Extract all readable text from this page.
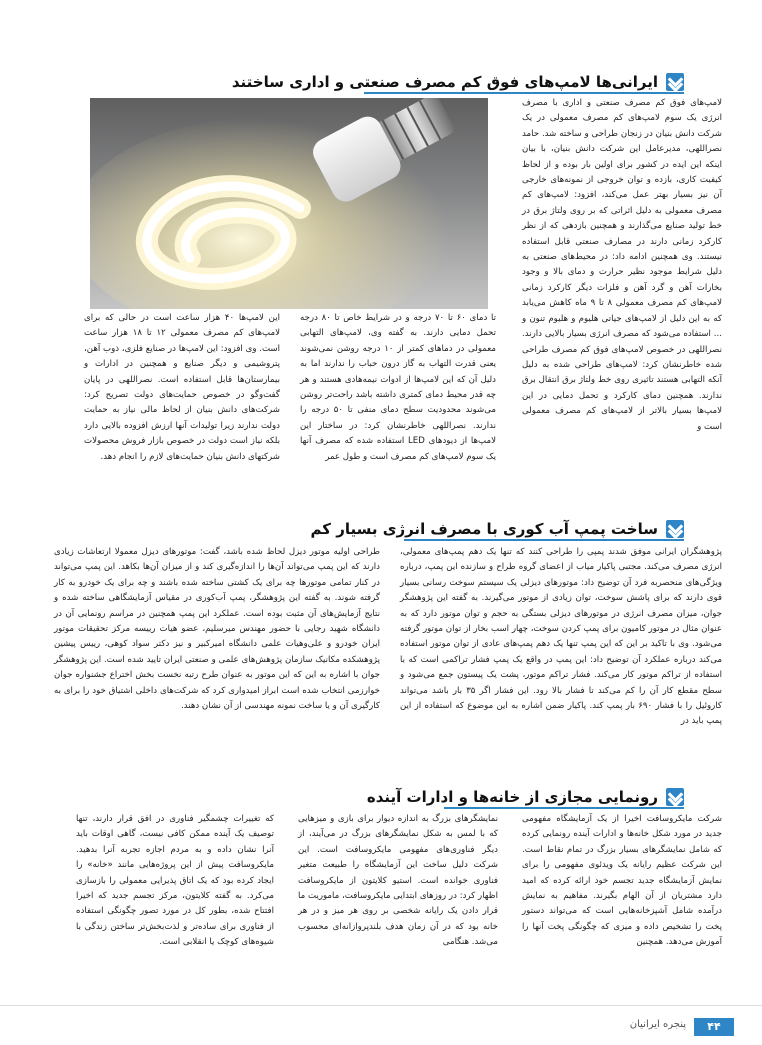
ایرانی‌ها لامپ‌های فوق کم مصرف صنعتی و اداری ساختند

لامپ‌های فوق کم مصرف صنعتی و اداری با مصرف انرژی یک سوم لامپ‌های کم مصرف معمولی در یک شرکت دانش بنیان در زنجان طراحی و ساخته شد. حامد نصراللهی، مدیرعامل این شرکت دانش بنیان، با بیان اینکه این ایده در کشور برای اولین بار بوده و از لحاظ کیفیت کاری، بازده و توان خروجی از نمونه‌های خارجی آن نیز بسیار بهتر عمل می‌کند، افزود: لامپ‌های کم مصرف معمولی به دلیل اثراتی که بر روی ولتاژ برق در خط تولید صنایع می‌گذارند و همچنین بازدهی که از نظر کارکرد زمانی دارند در مصارف صنعتی قابل استفاده نیستند. وی همچنین ادامه داد: در محیط‌های صنعتی به دلیل شرایط موجود نظیر حرارت و دمای بالا و وجود بخارات آهن و گرد آهن و فلزات دیگر کارکرد زمانی لامپ‌های کم مصرف معمولی ۸ تا ۹ ماه کاهش می‌یابد که به این دلیل از لامپ‌های جیاتی هلیوم و هلیوم تنون و ... استفاده می‌شود که مصرف انرژی بسیار بالایی دارند. نصراللهی در خصوص لامپ‌های فوق کم مصرف طراحی شده خاطرنشان کرد: لامپ‌های طراحی شده به دلیل آنکه التهابی هستند تاثیری روی خط ولتاژ برق انتقال برق ندارند. همچنین دمای کارکرد و تحمل دمایی در این لامپ‌ها بسیار بالاتر از لامپ‌های کم مصرف معمولی است و

تا دمای ۶۰ تا ۷۰ درجه و در شرایط خاص تا ۸۰ درجه تحمل دمایی دارند. به گفته وی، لامپ‌های التهابی معمولی در دماهای کمتر از ۱۰ درجه روشن نمی‌شوند یعنی قدرت التهاب به گاز درون حباب را ندارند اما به دلیل آن که این لامپ‌ها از ادوات نیمه‌هادی هستند و هر چه قدر محیط دمای کمتری داشته باشد راحت‌تر روشن می‌شوند محدودیت سطح دمای منفی تا ۵۰ درجه را ندارند. نصراللهی خاطرنشان کرد: در ساختار این لامپ‌ها از دیودهای LED استفاده شده که مصرف آنها یک سوم لامپ‌های کم مصرف است و طول عمر

این لامپ‌ها ۴۰ هزار ساعت است در حالی که برای لامپ‌های کم مصرف معمولی ۱۲ تا ۱۸ هزار ساعت است. وی افزود: این لامپ‌ها در صنایع فلزی، ذوب آهن، پتروشیمی و دیگر صنایع و همچنین در ادارات و بیمارستان‌ها قابل استفاده است. نصراللهی در پایان گفت‌وگو در خصوص حمایت‌های دولت تصریح کرد: شرکت‌های دانش بنیان از لحاظ مالی نیاز به حمایت دولت ندارند زیرا تولیدات آنها ارزش افزوده بالایی دارد بلکه نیاز است دولت در خصوص بازار فروش محصولات شرکتهای دانش بنیان حمایت‌های لازم را انجام دهد.

ساخت پمپ آب کوری با مصرف انرژی بسیار کم

پژوهشگران ایرانی موفق شدند پمپی را طراحی کنند که تنها یک دهم پمپ‌های معمولی، انرژی مصرف می‌کند. مجتبی پاکیار میاب از اعضای گروه طراح و سازنده این پمپ، درباره ویژگی‌های منحصربه فرد آن توضیح داد: موتورهای دیزلی یک سیستم سوخت رسانی بسیار قوی دارند که برای پاشش سوخت، توان زیادی از موتور می‌گیرند. به گفته این پژوهشگر جوان، میزان مصرف انرژی در موتورهای دیزلی بستگی به حجم و توان موتور دارد که به عنوان مثال در موتور کامیون برای پمپ کردن سوخت، چهار اسب بخار از توان موتور گرفته می‌شود. وی با تاکید بر این که این پمپ تنها یک دهم پمپ‌های عادی از توان موتور استفاده می‌کند درباره عملکرد آن توضیح داد: این پمپ در واقع یک پمپ فشار تراکمی است که با استفاده از تراکم موتور کار می‌کند. فشار تراکم موتور، پشت یک پیستون جمع می‌شود و سطح مقطع کار آن را کم می‌کند تا فشار بالا رود. این فشار اگر ۳۵ بار باشد می‌تواند کاروئیل را با فشار ۶۹۰ بار پمپ کند. پاکیار ضمن اشاره به این موضوع که استفاده از این پمپ باید در

طراحی اولیه موتور دیزل لحاظ شده باشد، گفت: موتورهای دیزل معمولا ارتعاشات زیادی دارند که این پمپ می‌تواند آن‌ها را اندازه‌گیری کند و از میزان آن‌ها بکاهد. این پمپ می‌تواند در کنار تمامی موتورها چه برای یک کشتی ساخته شده باشند و چه برای یک خودرو به کار گرفته شوند. به گفته این پژوهشگر، پمپ آب‌کوری در مقیاس آزمایشگاهی ساخته شده و نتایج آزمایش‌های آن مثبت بوده است. عملکرد این پمپ همچنین در مراسم رونمایی آن در دانشگاه شهید رجایی با حضور مهندس میرسلیم، عضو هیات رییسه مرکز تحقیقات موتور ایران خودرو و علی‌وهیات علمی دانشگاه امیرکبیر و نیز دکتر سواد کوهی، رییس پیشین پژوهشکده مکانیک سازمان پژوهش‌های علمی و صنعتی ایران تایید شده است. این پژوهشگر جوان با اشاره به این که این موتور به عنوان طرح رتبه نخست بخش اختراع جشنواره جوان خوارزمی انتخاب شده است ابراز امیدواری کرد که شرکت‌های داخلی اشتیاق خود را برای به کارگیری آن و یا ساخت نمونه مهندسی از آن نشان دهند.

رونمایی مجازی از خانه‌ها و ادارات آینده

شرکت مایکروسافت اخیرا از یک آزمایشگاه مفهومی جدید در مورد شکل خانه‌ها و ادارات آینده رونمایی کرده که شامل نمایشگرهای بسیار بزرگ در تمام نقاط است. این شرکت عظیم رایانه یک ویدئوی مفهومی را برای نمایش آزمایشگاه جدید تجسم خود ارائه کرده که امید دارد مشتریان از آن الهام بگیرند. مفاهیم به نمایش درآمده شامل آشپزخانه‌هایی است که می‌تواند دستور پخت را تشخیص داده و میزی که چگونگی پخت آنها را آموزش می‌دهد. همچنین

نمایشگرهای بزرگ به اندازه دیوار برای بازی و میزهایی که با لمس به شکل نمایشگرهای بزرگ در می‌آیند، از دیگر فناوری‌های مفهومی مایکروسافت است. این شرکت دلیل ساخت این آزمایشگاه را طبیعت متغیر فناوری خوانده است. استیو کلایتون از مایکروسافت اظهار کرد: در روزهای ابتدایی مایکروسافت، ماموریت ما قرار دادن یک رایانه شخصی بر روی هر میز و در هر خانه بود که در آن زمان هدف بلندپروازانه‌ای محسوب می‌شد. هنگامی

که تغییرات چشمگیر فناوری در افق قرار دارند، تنها توصیف یک آینده ممکن کافی نیست، گاهی اوقات باید آنرا نشان داده و به مردم اجازه تجربه آنرا بدهید. مایکروسافت پیش از این پروژه‌هایی مانند «خانه» را ایجاد کرده بود که یک اتاق پذیرایی معمولی را بازسازی می‌کرد. به گفته کلایتون، مرکز تجسم جدید که اخیرا افتتاح شده، بطور کل در مورد تصور چگونگی استفاده از فناوری برای ساده‌تر و لذت‌بخش‌تر ساختن زندگی با شیوه‌های کوچک یا انقلابی است.

۴۴
پنجره ایرانیان
